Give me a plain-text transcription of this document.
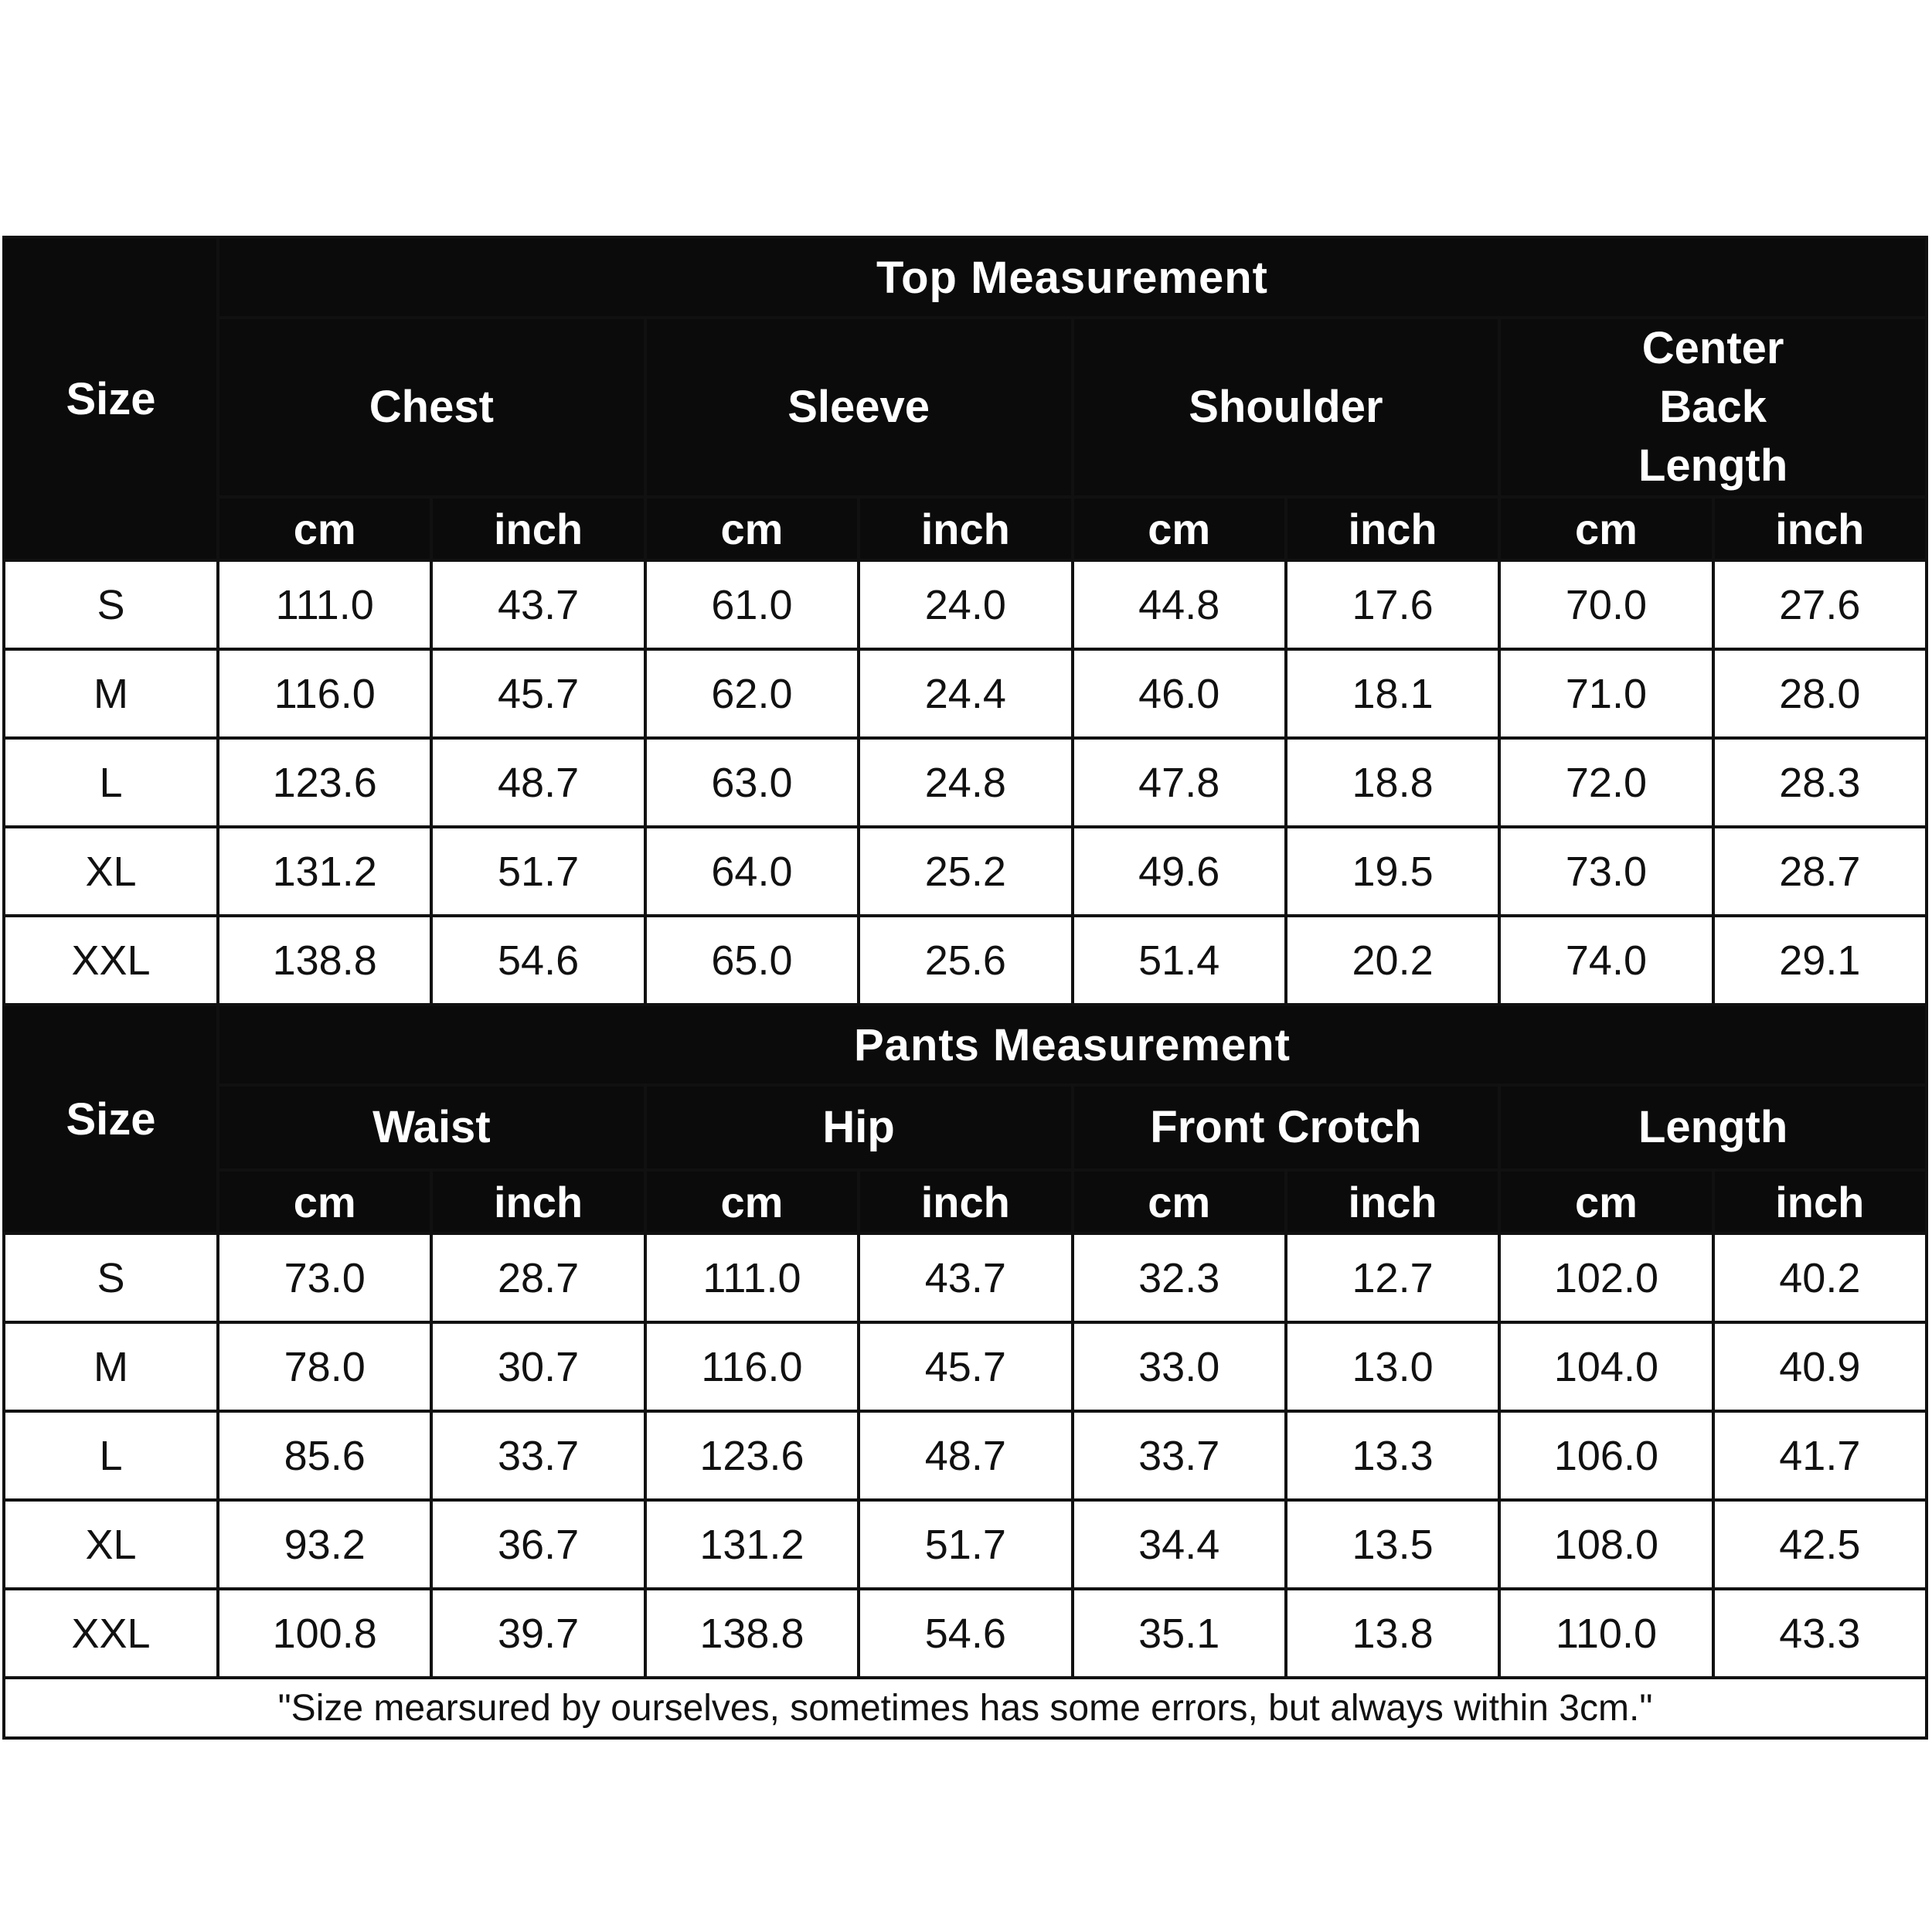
Size	Top Measurement							
	Chest		Sleeve		Shoulder		Center Back Length	

	cm	inch	cm	inch	cm	inch	cm	inch
S	111.0	43.7	61.0	24.0	44.8	17.6	70.0	27.6
M	116.0	45.7	62.0	24.4	46.0	18.1	71.0	28.0
L	123.6	48.7	63.0	24.8	47.8	18.8	72.0	28.3
XL	131.2	51.7	64.0	25.2	49.6	19.5	73.0	28.7
XXL	138.8	54.6	65.0	25.6	51.4	20.2	74.0	29.1
Size	Pants Measurement							
	Waist		Hip		Front Crotch		Length	
	cm	inch	cm	inch	cm	inch	cm	inch
S	73.0	28.7	111.0	43.7	32.3	12.7	102.0	40.2
M	78.0	30.7	116.0	45.7	33.0	13.0	104.0	40.9
L	85.6	33.7	123.6	48.7	33.7	13.3	106.0	41.7
XL	93.2	36.7	131.2	51.7	34.4	13.5	108.0	42.5
XXL	100.8	39.7	138.8	54.6	35.1	13.8	110.0	43.3
"Size mearsured by ourselves, sometimes has some errors, but always within 3cm."								
